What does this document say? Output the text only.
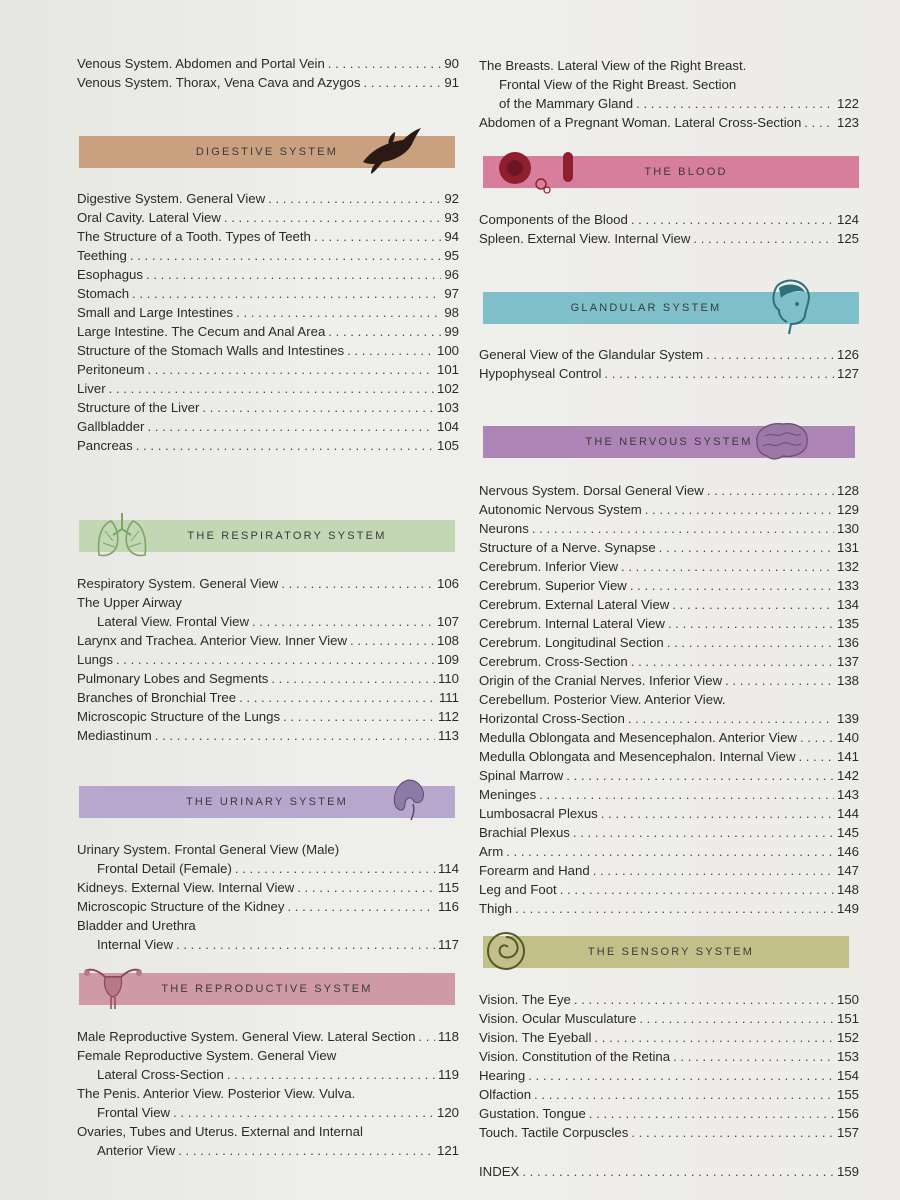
Venous System. Abdomen and Portal Vein . . .	90
Venous System. Thorax, Vena Cava and Azygos . . .	91
DIGESTIVE SYSTEM
Digestive System. General View . . .	92
Oral Cavity. Lateral View . . .	93
The Structure of a Tooth. Types of Teeth . . .	94
Teething . . .	95
Esophagus . . .	96
Stomach . . .	97
Small and Large Intestines . . .	98
Large Intestine. The Cecum and Anal Area . . .	99
Structure of the Stomach Walls and Intestines . . .	100
Peritoneum . . .	101
Liver . . .	102
Structure of the Liver . . .	103
Gallbladder . . .	104
Pancreas . . .	105
THE RESPIRATORY SYSTEM
Respiratory System. General View . . .	106
The Upper Airway
Lateral View. Frontal View . . .	107
Larynx and Trachea. Anterior View. Inner View . . .	108
Lungs . . .	109
Pulmonary Lobes and Segments . . .	110
Branches of Bronchial Tree . . .	111
Microscopic Structure of the Lungs . . .	112
Mediastinum . . .	113
THE URINARY SYSTEM
Urinary System. Frontal General View (Male)
Frontal Detail (Female) . . .	114
Kidneys. External View. Internal View . . .	115
Microscopic Structure of the Kidney . . .	116
Bladder and Urethra
Internal View . . .	117
THE REPRODUCTIVE SYSTEM
Male Reproductive System. General View. Lateral Section . . . 118
Female Reproductive System. General View
Lateral Cross-Section . . .	119
The Penis. Anterior View. Posterior View. Vulva.
Frontal View . . .	120
Ovaries, Tubes and Uterus. External and Internal
Anterior View . . .	121
The Breasts. Lateral View of the Right Breast.
Frontal View of the Right Breast. Section
of the Mammary Gland . . .	122
Abdomen of a Pregnant Woman. Lateral Cross-Section . . .	123
THE BLOOD
Components of the Blood . . .	124
Spleen. External View. Internal View . . .	125
GLANDULAR SYSTEM
General View of the Glandular System . . .	126
Hypophyseal Control . . .	127
THE NERVOUS SYSTEM
Nervous System. Dorsal General View . . .	128
Autonomic Nervous System . . .	129
Neurons . . .	130
Structure of a Nerve. Synapse . . .	131
Cerebrum. Inferior View . . .	132
Cerebrum. Superior View . . .	133
Cerebrum. External Lateral View . . .	134
Cerebrum. Internal Lateral View . . .	135
Cerebrum. Longitudinal Section . . .	136
Cerebrum. Cross-Section . . .	137
Origin of the Cranial Nerves. Inferior View . . .	138
Cerebellum. Posterior View. Anterior View.
Horizontal Cross-Section . . .	139
Medulla Oblongata and Mesencephalon. Anterior View . . .	140
Medulla Oblongata and Mesencephalon. Internal View . . .	141
Spinal Marrow . . .	142
Meninges . . .	143
Lumbosacral Plexus . . .	144
Brachial Plexus . . .	145
Arm . . .	146
Forearm and Hand . . .	147
Leg and Foot . . .	148
Thigh . . .	149
THE SENSORY SYSTEM
Vision. The Eye . . .	150
Vision. Ocular Musculature . . .	151
Vision. The Eyeball . . .	152
Vision. Constitution of the Retina . . .	153
Hearing . . .	154
Olfaction . . .	155
Gustation. Tongue . . .	156
Touch. Tactile Corpuscles . . .	157
INDEX . . .	159
